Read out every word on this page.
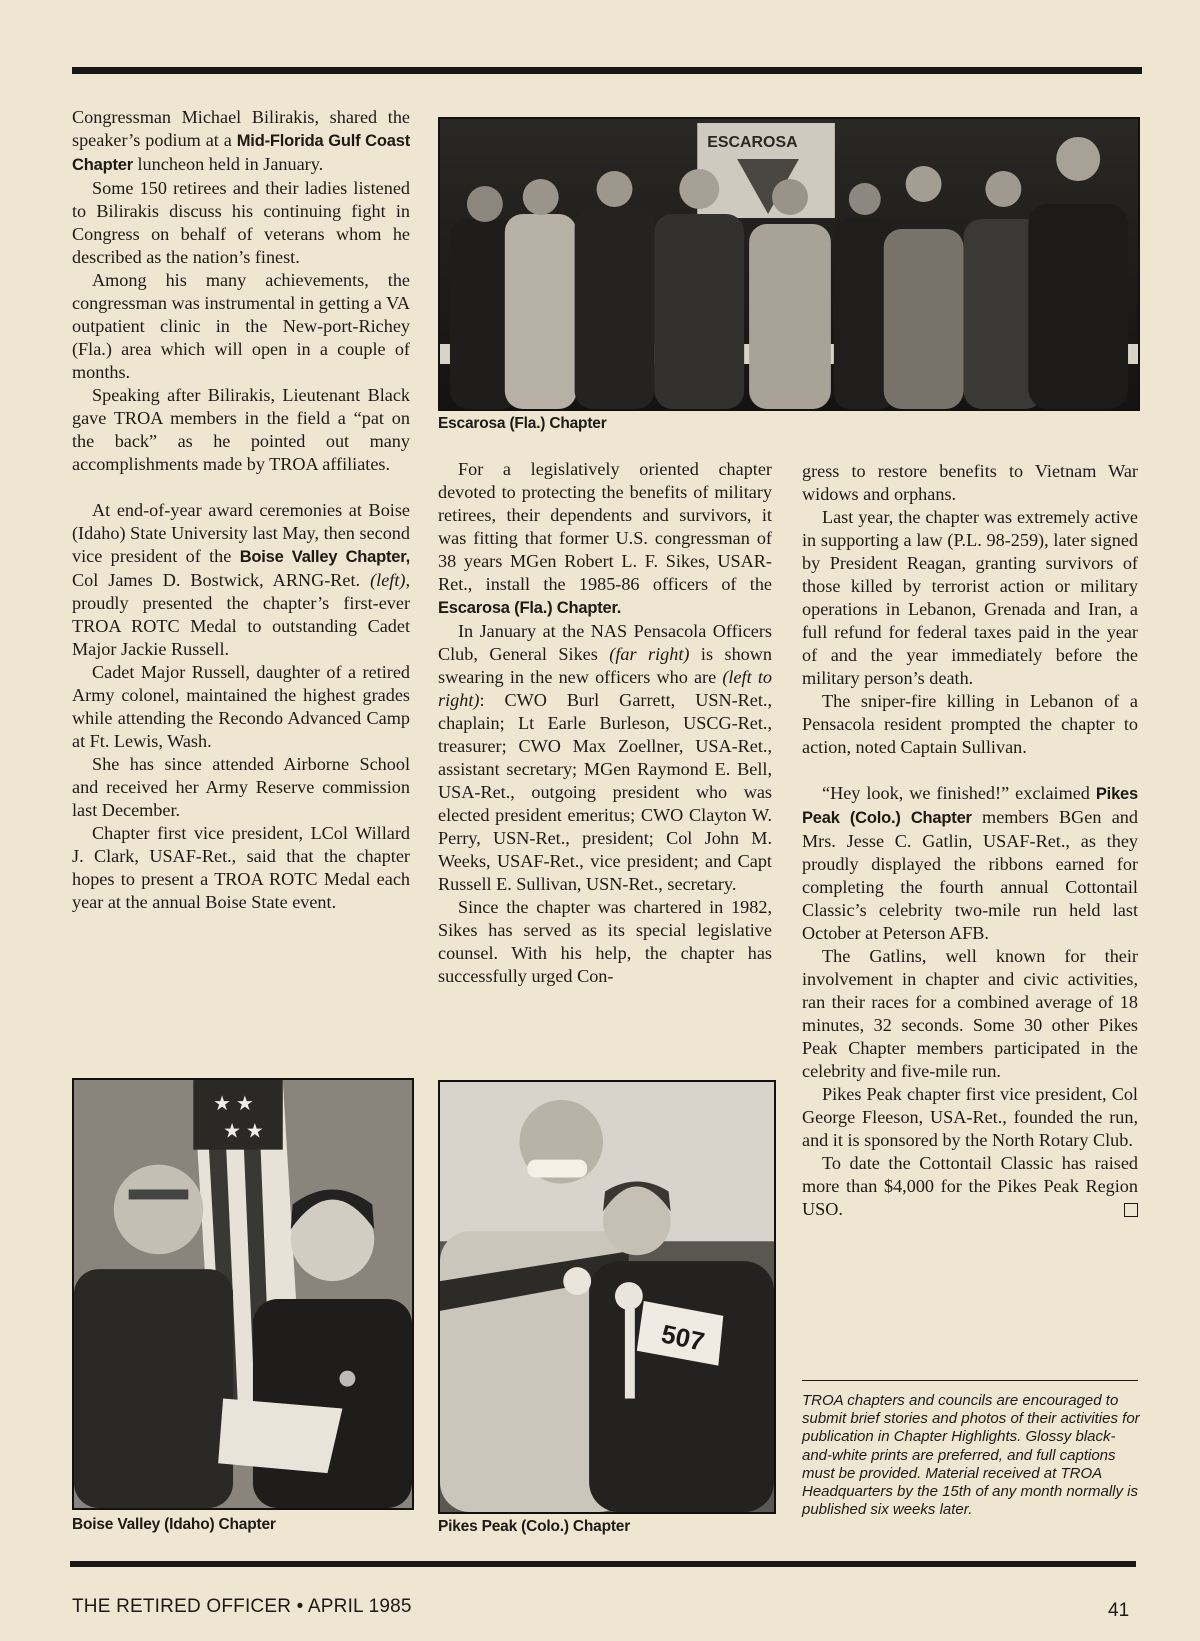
Congressman Michael Bilirakis, shared the speaker’s podium at a Mid-Florida Gulf Coast Chapter luncheon held in January.

Some 150 retirees and their ladies listened to Bilirakis discuss his continuing fight in Congress on behalf of veterans whom he described as the nation’s finest.

Among his many achievements, the congressman was instrumental in getting a VA outpatient clinic in the New-port-Richey (Fla.) area which will open in a couple of months.

Speaking after Bilirakis, Lieutenant Black gave TROA members in the field a “pat on the back” as he pointed out many accomplishments made by TROA affiliates.

At end-of-year award ceremonies at Boise (Idaho) State University last May, then second vice president of the Boise Valley Chapter, Col James D. Bostwick, ARNG-Ret. (left), proudly presented the chapter’s first-ever TROA ROTC Medal to outstanding Cadet Major Jackie Russell.

Cadet Major Russell, daughter of a retired Army colonel, maintained the highest grades while attending the Recondo Advanced Camp at Ft. Lewis, Wash.

She has since attended Airborne School and received her Army Reserve commission last December.

Chapter first vice president, LCol Willard J. Clark, USAF-Ret., said that the chapter hopes to present a TROA ROTC Medal each year at the annual Boise State event.

ESCAROSA
Escarosa (Fla.) Chapter

For a legislatively oriented chapter devoted to protecting the benefits of military retirees, their dependents and survivors, it was fitting that former U.S. congressman of 38 years MGen Robert L. F. Sikes, USAR-Ret., install the 1985-86 officers of the Escarosa (Fla.) Chapter.

In January at the NAS Pensacola Officers Club, General Sikes (far right) is shown swearing in the new officers who are (left to right): CWO Burl Garrett, USN-Ret., chaplain; Lt Earle Burleson, USCG-Ret., treasurer; CWO Max Zoellner, USA-Ret., assistant secretary; MGen Raymond E. Bell, USA-Ret., outgoing president who was elected president emeritus; CWO Clayton W. Perry, USN-Ret., president; Col John M. Weeks, USAF-Ret., vice president; and Capt Russell E. Sullivan, USN-Ret., secretary.

Since the chapter was chartered in 1982, Sikes has served as its special legislative counsel. With his help, the chapter has successfully urged Con-

gress to restore benefits to Vietnam War widows and orphans.

Last year, the chapter was extremely active in supporting a law (P.L. 98-259), later signed by President Reagan, granting survivors of those killed by terrorist action or military operations in Lebanon, Grenada and Iran, a full refund for federal taxes paid in the year of and the year immediately before the military person’s death.

The sniper-fire killing in Lebanon of a Pensacola resident prompted the chapter to action, noted Captain Sullivan.

“Hey look, we finished!” exclaimed Pikes Peak (Colo.) Chapter members BGen and Mrs. Jesse C. Gatlin, USAF-Ret., as they proudly displayed the ribbons earned for completing the fourth annual Cottontail Classic’s celebrity two-mile run held last October at Peterson AFB.

The Gatlins, well known for their involvement in chapter and civic activities, ran their races for a combined average of 18 minutes, 32 seconds. Some 30 other Pikes Peak Chapter members participated in the celebrity and five-mile run.

Pikes Peak chapter first vice president, Col George Fleeson, USA-Ret., founded the run, and it is sponsored by the North Rotary Club.

To date the Cottontail Classic has raised more than $4,000 for the Pikes Peak Region USO.

★ ★
★ ★
Boise Valley (Idaho) Chapter
507
Pikes Peak (Colo.) Chapter
TROA chapters and councils are encouraged to submit brief stories and photos of their activities for publication in Chapter Highlights. Glossy black-and-white prints are preferred, and full captions must be provided. Material received at TROA Headquarters by the 15th of any month normally is published six weeks later.
THE RETIRED OFFICER • APRIL 1985	41
